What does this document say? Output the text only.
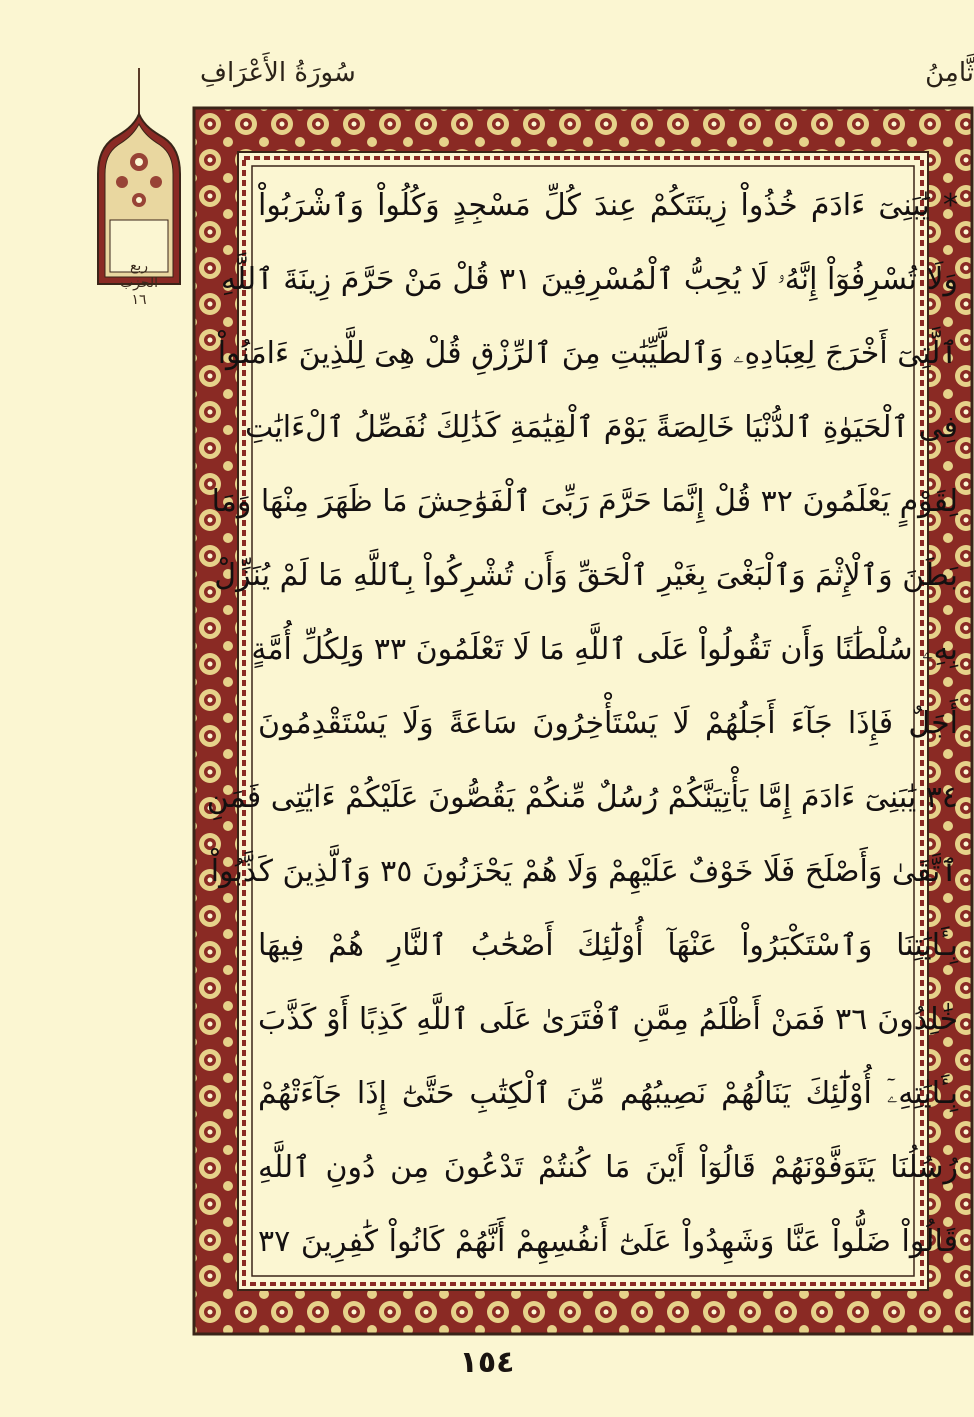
سُورَةُ الأَعْرَافِ	ثَّامِنُ
ربع
الحزب
١٦
* يَٰبَنِىٓ ءَادَمَ خُذُواْ زِينَتَكُمْ عِندَ كُلِّ مَسْجِدٍ وَكُلُواْ وَٱشْرَبُواْ
وَلَا تُسْرِفُوٓاْ إِنَّهُۥ لَا يُحِبُّ ٱلْمُسْرِفِينَ ٣١ قُلْ مَنْ حَرَّمَ زِينَةَ ٱللَّهِ
ٱلَّتِىٓ أَخْرَجَ لِعِبَادِهِۦ وَٱلطَّيِّبَٰتِ مِنَ ٱلرِّزْقِ قُلْ هِىَ لِلَّذِينَ ءَامَنُواْ
فِى ٱلْحَيَوٰةِ ٱلدُّنْيَا خَالِصَةً يَوْمَ ٱلْقِيَٰمَةِ كَذَٰلِكَ نُفَصِّلُ ٱلْءَايَٰتِ
لِقَوْمٍ يَعْلَمُونَ ٣٢ قُلْ إِنَّمَا حَرَّمَ رَبِّىَ ٱلْفَوَٰحِشَ مَا ظَهَرَ مِنْهَا وَمَا
بَطَنَ وَٱلْإِثْمَ وَٱلْبَغْىَ بِغَيْرِ ٱلْحَقِّ وَأَن تُشْرِكُواْ بِٱللَّهِ مَا لَمْ يُنَزِّلْ
بِهِۦ سُلْطَٰنًا وَأَن تَقُولُواْ عَلَى ٱللَّهِ مَا لَا تَعْلَمُونَ ٣٣ وَلِكُلِّ أُمَّةٍ
أَجَلٌ فَإِذَا جَآءَ أَجَلُهُمْ لَا يَسْتَأْخِرُونَ سَاعَةً وَلَا يَسْتَقْدِمُونَ
٣٤ يَٰبَنِىٓ ءَادَمَ إِمَّا يَأْتِيَنَّكُمْ رُسُلٌ مِّنكُمْ يَقُصُّونَ عَلَيْكُمْ ءَايَٰتِى فَمَنِ
ٱتَّقَىٰ وَأَصْلَحَ فَلَا خَوْفٌ عَلَيْهِمْ وَلَا هُمْ يَحْزَنُونَ ٣٥ وَٱلَّذِينَ كَذَّبُواْ
بِـَٔايَٰتِنَا وَٱسْتَكْبَرُواْ عَنْهَآ أُوْلَٰٓئِكَ أَصْحَٰبُ ٱلنَّارِ هُمْ فِيهَا
خَٰلِدُونَ ٣٦ فَمَنْ أَظْلَمُ مِمَّنِ ٱفْتَرَىٰ عَلَى ٱللَّهِ كَذِبًا أَوْ كَذَّبَ
بِـَٔايَٰتِهِۦٓ أُوْلَٰٓئِكَ يَنَالُهُمْ نَصِيبُهُم مِّنَ ٱلْكِتَٰبِ حَتَّىٰٓ إِذَا جَآءَتْهُمْ
رُسُلُنَا يَتَوَفَّوْنَهُمْ قَالُوٓاْ أَيْنَ مَا كُنتُمْ تَدْعُونَ مِن دُونِ ٱللَّهِ
قَالُواْ ضَلُّواْ عَنَّا وَشَهِدُواْ عَلَىٰٓ أَنفُسِهِمْ أَنَّهُمْ كَانُواْ كَٰفِرِينَ ٣٧
١٥٤
